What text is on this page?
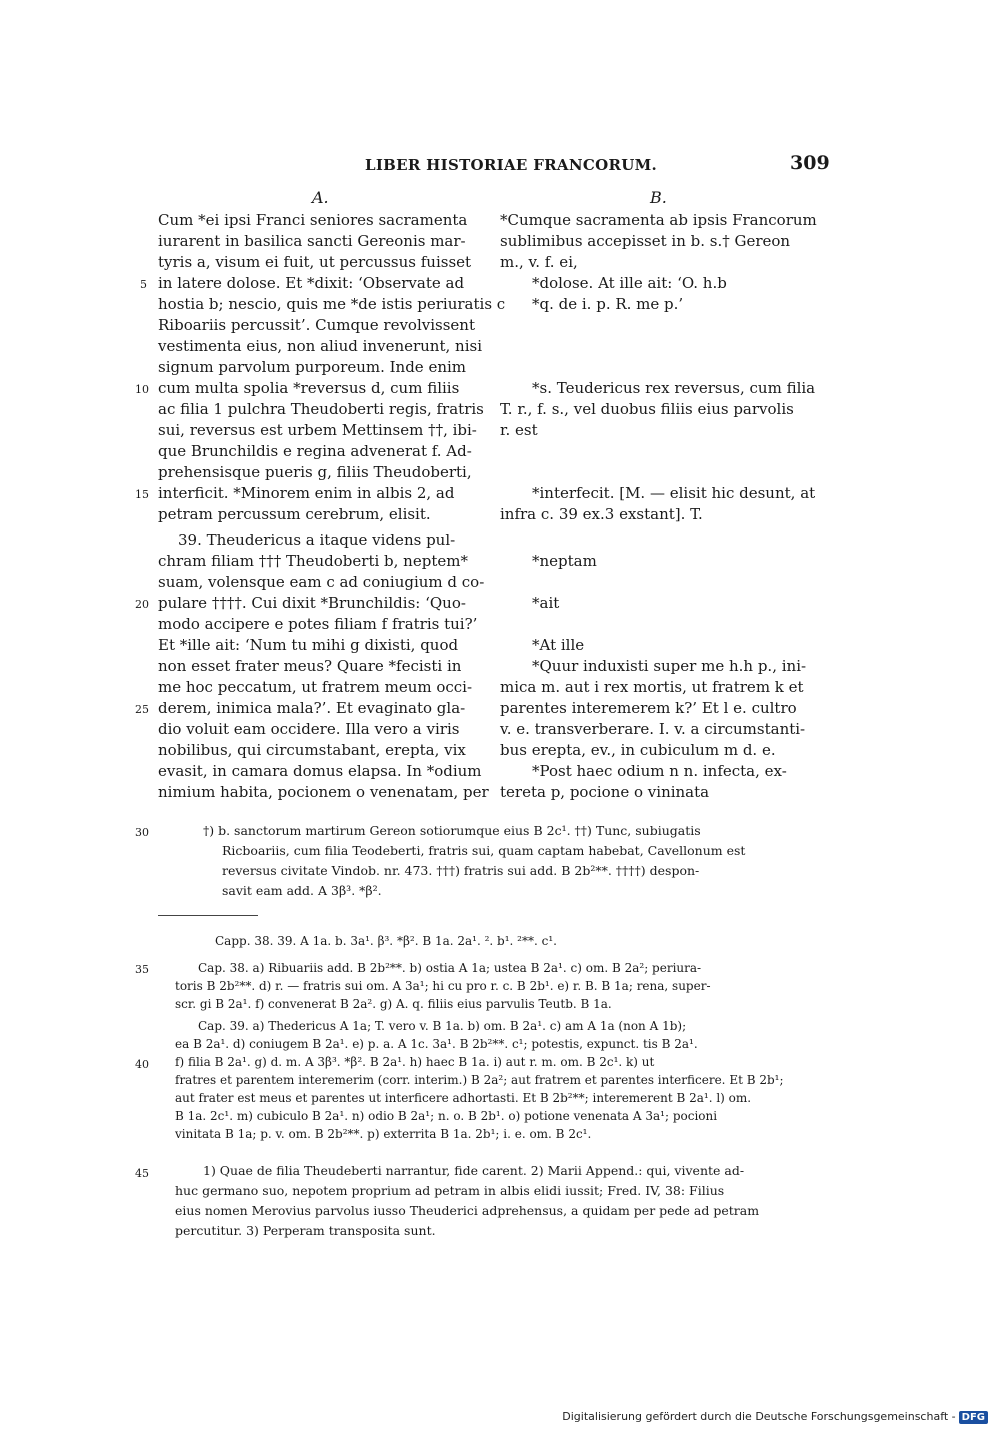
LIBER HISTORIAE FRANCORUM.	309
A.	B.
Cum *ei ipsi Franci seniores sacramenta
iurarent in basilica sancti Gereonis mar-
tyris a, visum ei fuit, ut percussus fuisset
in latere dolose. Et *dixit: ‘Observate ad
hostia b; nescio, quis me *de istis periuratis c
Riboariis percussit’. Cumque revolvissent
vestimenta eius, non aliud invenerunt, nisi
signum parvolum purporeum. Inde enim
cum multa spolia *reversus d, cum filiis
ac filia 1 pulchra Theudoberti regis, fratris
sui, reversus est urbem Mettinsem ††, ibi-
que Brunchildis e regina advenerat f. Ad-
prehensisque pueris g, filiis Theudoberti,
interficit. *Minorem enim in albis 2, ad
petram percussum cerebrum, elisit.
39. Theudericus a itaque videns pul-
chram filiam ††† Theudoberti b, neptem*
suam, volensque eam c ad coniugium d co-
pulare ††††. Cui dixit *Brunchildis: ‘Quo-
modo accipere e potes filiam f fratris tui?’
Et *ille ait: ‘Num tu mihi g dixisti, quod
non esset frater meus? Quare *fecisti in
me hoc peccatum, ut fratrem meum occi-
derem, inimica mala?’. Et evaginato gla-
dio voluit eam occidere. Illa vero a viris
nobilibus, qui circumstabant, erepta, vix
evasit, in camara domus elapsa. In *odium
nimium habita, pocionem o venenatam, per
*Cumque sacramenta ab ipsis Francorum
sublimibus accepisset in b. s.† Gereon
m., v. f. ei,
*dolose. At ille ait: ‘O. h.b
*q. de i. p. R. me p.’
*s. Teudericus rex reversus, cum filia
T. r., f. s., vel duobus filiis eius parvolis
r. est
*interfecit. [M. — elisit hic desunt, at
infra c. 39 ex.3 exstant]. T.
*neptam
*ait
*At ille
*Quur induxisti super me h.h p., ini-
mica m. aut i rex mortis, ut fratrem k et
parentes interemerem k?’ Et l e. cultro
v. e. transverberare. I. v. a circumstanti-
bus erepta, ev., in cubiculum m d. e.
*Post haec odium n n. infecta, ex-
tereta p, pocione o vininata
5
10
15
20
25
30
35
40
45
†) b. sanctorum martirum Gereon sotiorumque eius B 2c¹. ††) Tunc, subiugatis
Ricboariis, cum filia Teodeberti, fratris sui, quam captam habebat, Cavellonum est
reversus civitate Vindob. nr. 473. †††) fratris sui add. B 2b²**. ††††) despon-
savit eam add. A 3β³. *β².
Capp. 38. 39. A 1a. b. 3a¹. β³. *β². B 1a. 2a¹. ². b¹. ²**. c¹.
Cap. 38. a) Ribuariis add. B 2b²**. b) ostia A 1a; ustea B 2a¹. c) om. B 2a²; periura-
toris B 2b²**. d) r. — fratris sui om. A 3a¹; hi cu pro r. c. B 2b¹. e) r. B. B 1a; rena, super-
scr. gi B 2a¹. f) convenerat B 2a². g) A. q. filiis eius parvulis Teutb. B 1a.
Cap. 39. a) Thedericus A 1a; T. vero v. B 1a. b) om. B 2a¹. c) am A 1a (non A 1b);
ea B 2a¹. d) coniugem B 2a¹. e) p. a. A 1c. 3a¹. B 2b²**. c¹; potestis, expunct. tis B 2a¹.
f) filia B 2a¹. g) d. m. A 3β³. *β². B 2a¹. h) haec B 1a. i) aut r. m. om. B 2c¹. k) ut
fratres et parentem interemerim (corr. interim.) B 2a²; aut fratrem et parentes interficere. Et B 2b¹;
aut frater est meus et parentes ut interficere adhortasti. Et B 2b²**; interemerent B 2a¹. l) om.
B 1a. 2c¹. m) cubiculo B 2a¹. n) odio B 2a¹; n. o. B 2b¹. o) potione venenata A 3a¹; pocioni
vinitata B 1a; p. v. om. B 2b²**. p) exterrita B 1a. 2b¹; i. e. om. B 2c¹.
1) Quae de filia Theudeberti narrantur, fide carent. 2) Marii Append.: qui, vivente ad-
huc germano suo, nepotem proprium ad petram in albis elidi iussit; Fred. IV, 38: Filius
eius nomen Merovius parvolus iusso Theuderici adprehensus, a quidam per pede ad petram
percutitur. 3) Perperam transposita sunt.
Digitalisierung gefördert durch die Deutsche Forschungsgemeinschaft - DFG
